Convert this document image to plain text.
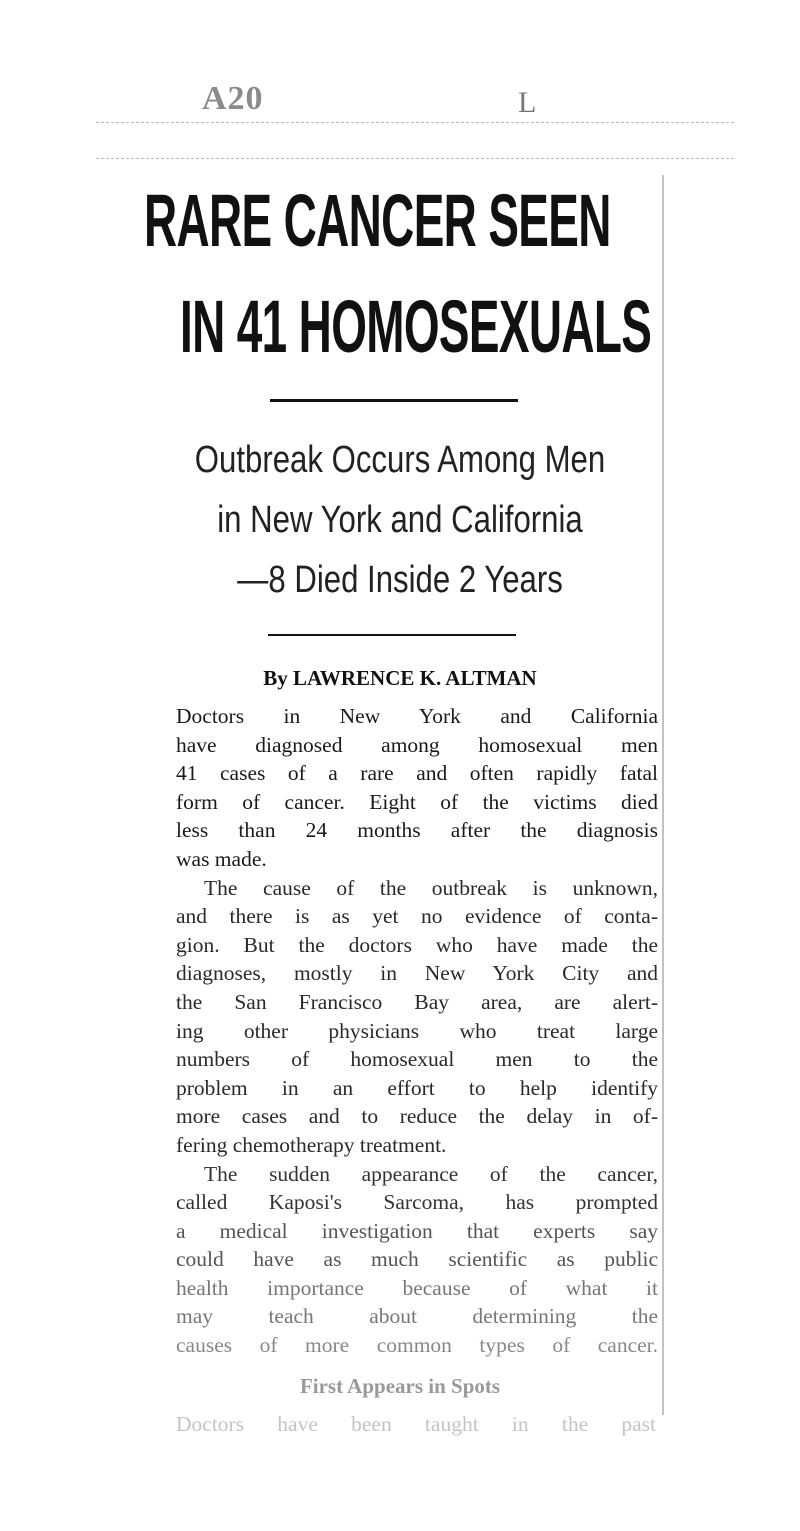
A20	L
RARE CANCER SEEN
IN 41 HOMOSEXUALS
Outbreak Occurs Among Men
in New York and California
—8 Died Inside 2 Years
By LAWRENCE K. ALTMAN
Doctors in New York and California
have diagnosed among homosexual men
41 cases of a rare and often rapidly fatal
form of cancer. Eight of the victims died
less than 24 months after the diagnosis
was made.
The cause of the outbreak is unknown,
and there is as yet no evidence of conta-
gion. But the doctors who have made the
diagnoses, mostly in New York City and
the San Francisco Bay area, are alert-
ing other physicians who treat large
numbers of homosexual men to the
problem in an effort to help identify
more cases and to reduce the delay in of-
fering chemotherapy treatment.
The sudden appearance of the cancer,
called Kaposi's Sarcoma, has prompted
a medical investigation that experts say
could have as much scientific as public
health importance because of what it
may teach about determining the
causes of more common types of cancer.
First Appears in Spots
Doctors have been taught in the past
